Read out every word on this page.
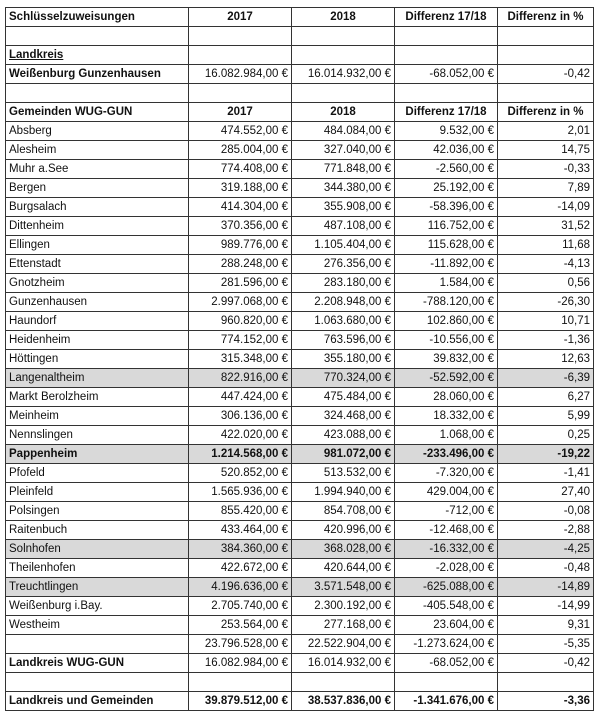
Schlüsselzuweisungen	2017	2018	Differenz 17/18	Differenz in %

Landkreis				
Weißenburg Gunzenhausen	16.082.984,00 €	16.014.932,00 €	-68.052,00 €	-0,42

Gemeinden WUG-GUN	2017	2018	Differenz 17/18	Differenz in %
Absberg	474.552,00 €	484.084,00 €	9.532,00 €	2,01
Alesheim	285.004,00 €	327.040,00 €	42.036,00 €	14,75
Muhr a.See	774.408,00 €	771.848,00 €	-2.560,00 €	-0,33
Bergen	319.188,00 €	344.380,00 €	25.192,00 €	7,89
Burgsalach	414.304,00 €	355.908,00 €	-58.396,00 €	-14,09
Dittenheim	370.356,00 €	487.108,00 €	116.752,00 €	31,52
Ellingen	989.776,00 €	1.105.404,00 €	115.628,00 €	11,68
Ettenstadt	288.248,00 €	276.356,00 €	-11.892,00 €	-4,13
Gnotzheim	281.596,00 €	283.180,00 €	1.584,00 €	0,56
Gunzenhausen	2.997.068,00 €	2.208.948,00 €	-788.120,00 €	-26,30
Haundorf	960.820,00 €	1.063.680,00 €	102.860,00 €	10,71
Heidenheim	774.152,00 €	763.596,00 €	-10.556,00 €	-1,36
Höttingen	315.348,00 €	355.180,00 €	39.832,00 €	12,63
Langenaltheim	822.916,00 €	770.324,00 €	-52.592,00 €	-6,39
Markt Berolzheim	447.424,00 €	475.484,00 €	28.060,00 €	6,27
Meinheim	306.136,00 €	324.468,00 €	18.332,00 €	5,99
Nennslingen	422.020,00 €	423.088,00 €	1.068,00 €	0,25
Pappenheim	1.214.568,00 €	981.072,00 €	-233.496,00 €	-19,22
Pfofeld	520.852,00 €	513.532,00 €	-7.320,00 €	-1,41
Pleinfeld	1.565.936,00 €	1.994.940,00 €	429.004,00 €	27,40
Polsingen	855.420,00 €	854.708,00 €	-712,00 €	-0,08
Raitenbuch	433.464,00 €	420.996,00 €	-12.468,00 €	-2,88
Solnhofen	384.360,00 €	368.028,00 €	-16.332,00 €	-4,25
Theilenhofen	422.672,00 €	420.644,00 €	-2.028,00 €	-0,48
Treuchtlingen	4.196.636,00 €	3.571.548,00 €	-625.088,00 €	-14,89
Weißenburg i.Bay.	2.705.740,00 €	2.300.192,00 €	-405.548,00 €	-14,99
Westheim	253.564,00 €	277.168,00 €	23.604,00 €	9,31
	23.796.528,00 €	22.522.904,00 €	-1.273.624,00 €	-5,35
Landkreis WUG-GUN	16.082.984,00 €	16.014.932,00 €	-68.052,00 €	-0,42

Landkreis und Gemeinden	39.879.512,00 €	38.537.836,00 €	-1.341.676,00 €	-3,36
